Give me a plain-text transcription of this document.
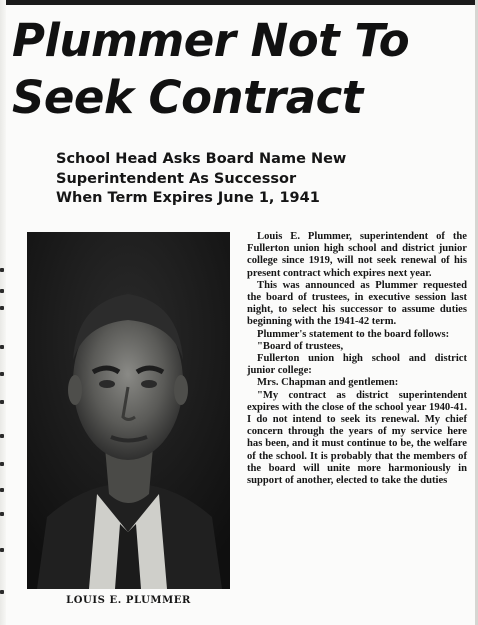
Plummer Not To
Seek Contract
School Head Asks Board Name New
Superintendent As Successor
When Term Expires June 1, 1941
LOUIS E. PLUMMER

Louis E. Plummer, superintendent of the Fullerton union high school and district junior college since 1919, will not seek renewal of his present contract which expires next year.

This was announced as Plummer requested the board of trustees, in executive session last night, to select his successor to assume duties beginning with the 1941-42 term.

Plummer's statement to the board follows:

"Board of trustees,

Fullerton union high school and district junior college:

Mrs. Chapman and gentlemen:

"My contract as district superintendent expires with the close of the school year 1940-41. I do not intend to seek its renewal. My chief concern through the years of my service here has been, and it must continue to be, the welfare of the school. It is probably that the members of the board will unite more harmoniously in support of another, elected to take the duties
